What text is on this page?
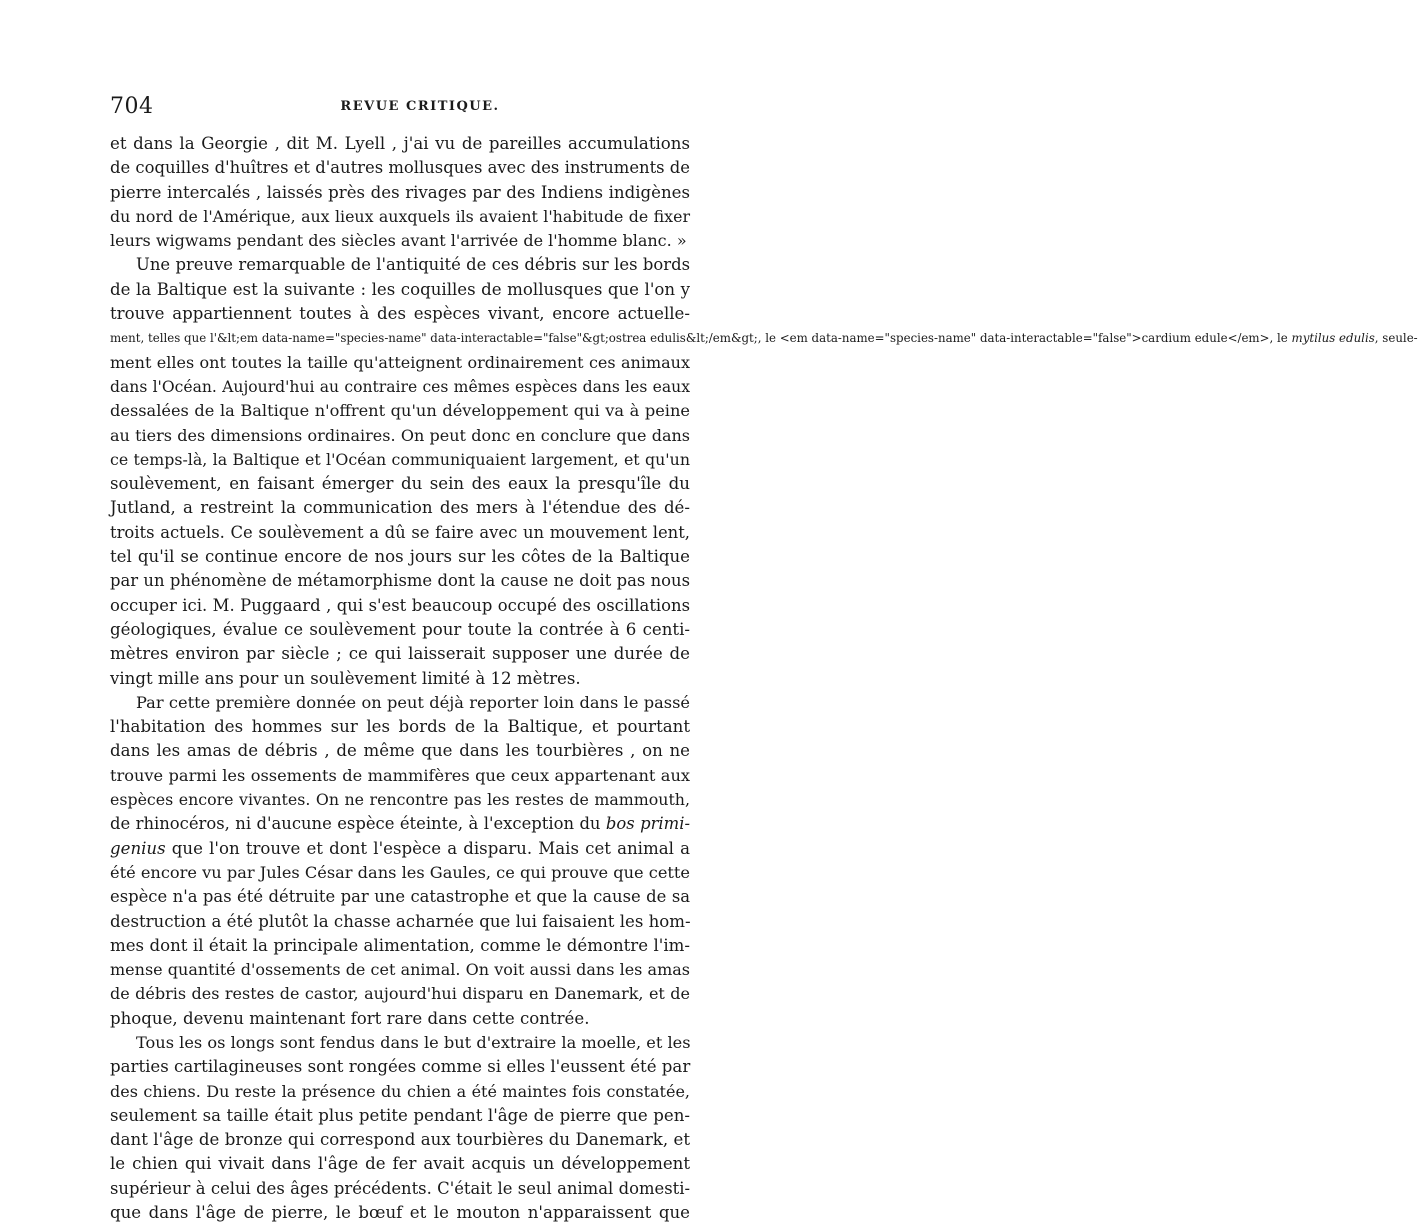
704	REVUE CRITIQUE.

et dans la Georgie , dit M. Lyell , j'ai vu de pareilles accumulations
de coquilles d'huîtres et d'autres mollusques avec des instruments de
pierre intercalés , laissés près des rivages par des Indiens indigènes
du nord de l'Amérique, aux lieux auxquels ils avaient l'habitude de fixer
leurs wigwams pendant des siècles avant l'arrivée de l'homme blanc. »

Une preuve remarquable de l'antiquité de ces débris sur les bords
de la Baltique est la suivante : les coquilles de mollusques que l'on y
trouve appartiennent toutes à des espèces vivant, encore actuelle-
ment, telles que l'&lt;em data-name="species-name" data-interactable="false"&gt;ostrea edulis&lt;/em&gt;, le <em data-name="species-name" data-interactable="false">cardium edule</em>, le mytilus edulis, seule-
ment elles ont toutes la taille qu'atteignent ordinairement ces animaux
dans l'Océan. Aujourd'hui au contraire ces mêmes espèces dans les eaux
dessalées de la Baltique n'offrent qu'un développement qui va à peine
au tiers des dimensions ordinaires. On peut donc en conclure que dans
ce temps-là, la Baltique et l'Océan communiquaient largement, et qu'un
soulèvement, en faisant émerger du sein des eaux la presqu'île du
Jutland, a restreint la communication des mers à l'étendue des dé-
troits actuels. Ce soulèvement a dû se faire avec un mouvement lent,
tel qu'il se continue encore de nos jours sur les côtes de la Baltique
par un phénomène de métamorphisme dont la cause ne doit pas nous
occuper ici. M. Puggaard , qui s'est beaucoup occupé des oscillations
géologiques, évalue ce soulèvement pour toute la contrée à 6 centi-
mètres environ par siècle ; ce qui laisserait supposer une durée de
vingt mille ans pour un soulèvement limité à 12 mètres.

Par cette première donnée on peut déjà reporter loin dans le passé
l'habitation des hommes sur les bords de la Baltique, et pourtant
dans les amas de débris , de même que dans les tourbières , on ne
trouve parmi les ossements de mammifères que ceux appartenant aux
espèces encore vivantes. On ne rencontre pas les restes de mammouth,
de rhinocéros, ni d'aucune espèce éteinte, à l'exception du bos primi-
genius que l'on trouve et dont l'espèce a disparu. Mais cet animal a
été encore vu par Jules César dans les Gaules, ce qui prouve que cette
espèce n'a pas été détruite par une catastrophe et que la cause de sa
destruction a été plutôt la chasse acharnée que lui faisaient les hom-
mes dont il était la principale alimentation, comme le démontre l'im-
mense quantité d'ossements de cet animal. On voit aussi dans les amas
de débris des restes de castor, aujourd'hui disparu en Danemark, et de
phoque, devenu maintenant fort rare dans cette contrée.

Tous les os longs sont fendus dans le but d'extraire la moelle, et les
parties cartilagineuses sont rongées comme si elles l'eussent été par
des chiens. Du reste la présence du chien a été maintes fois constatée,
seulement sa taille était plus petite pendant l'âge de pierre que pen-
dant l'âge de bronze qui correspond aux tourbières du Danemark, et
le chien qui vivait dans l'âge de fer avait acquis un développement
supérieur à celui des âges précédents. C'était le seul animal domesti-
que dans l'âge de pierre, le bœuf et le mouton n'apparaissent que
